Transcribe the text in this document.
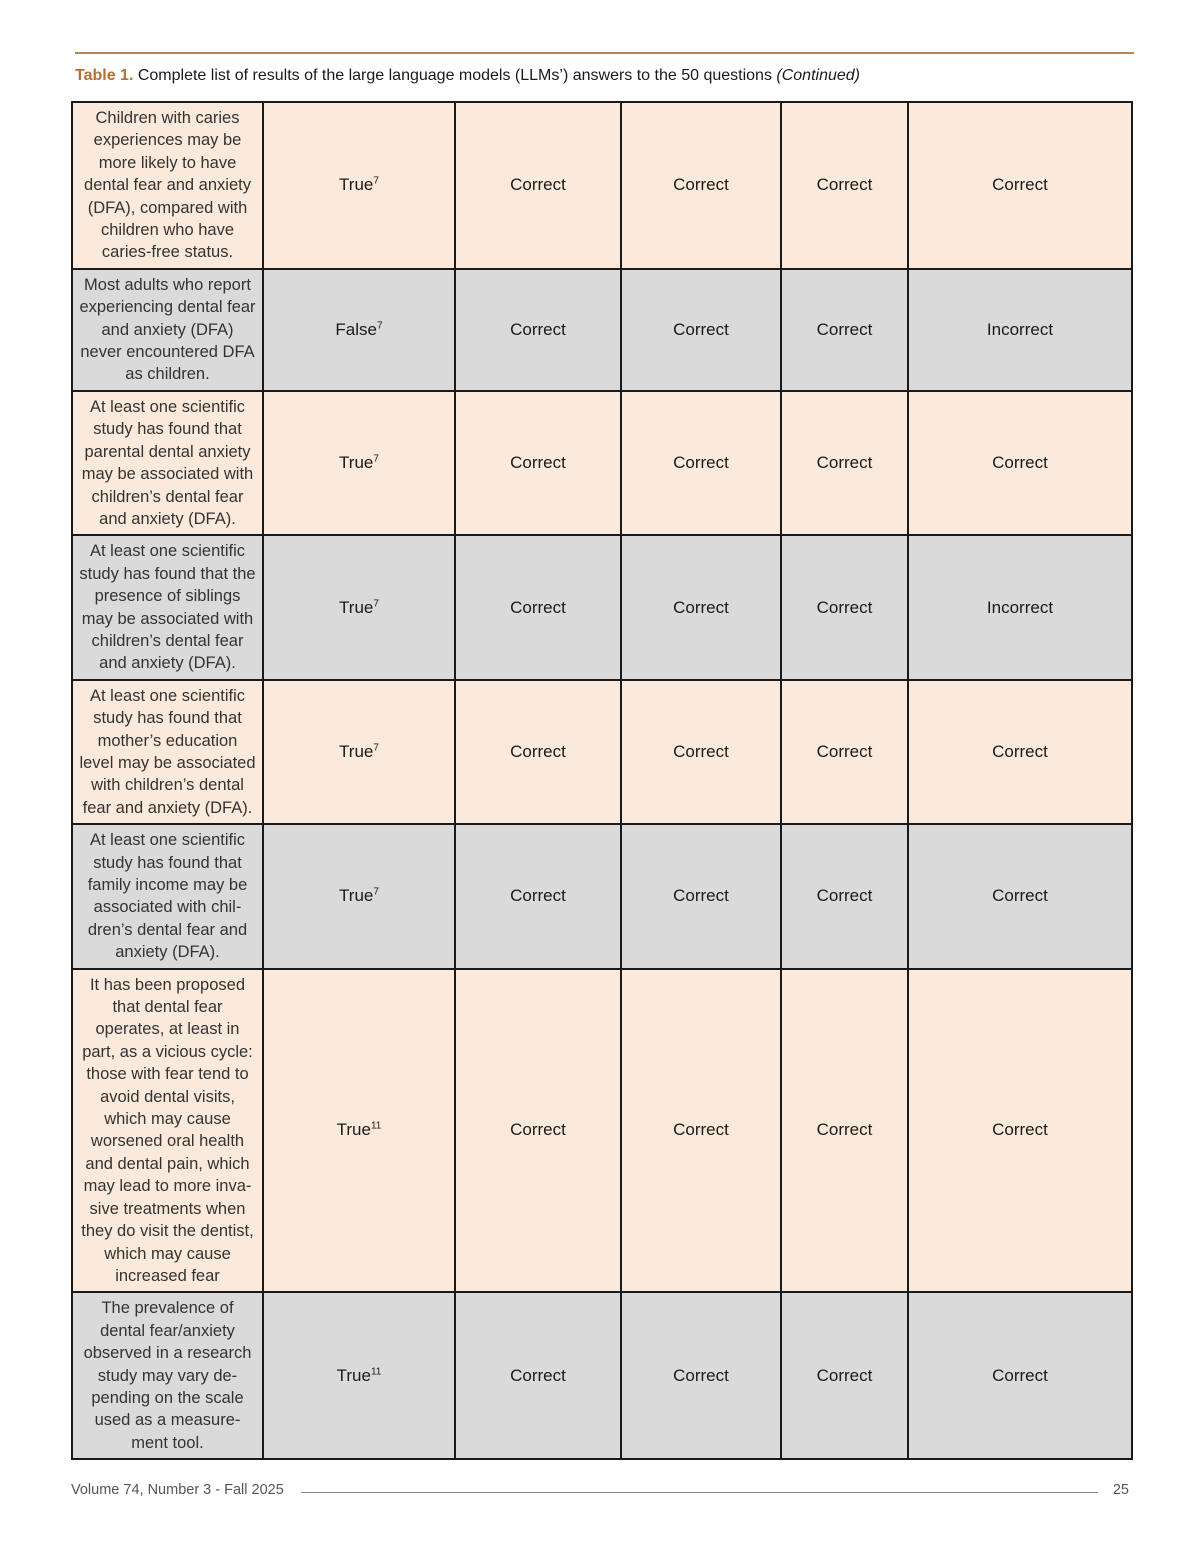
Table 1. Complete list of results of the large language models (LLMs’) answers to the 50 questions (Continued)
Children with caries experiences may be more likely to have dental fear and anxiety (DFA), compared with children who have caries-free status.	True$^7$	Correct	Correct	Correct	Correct
Most adults who report experiencing dental fear and anxiety (DFA) never encountered DFA as children.	False$^7$	Correct	Correct	Correct	Incorrect
At least one scientific study has found that parental dental anxiety may be associated with children’s dental fear and anxiety (DFA).	True$^7$	Correct	Correct	Correct	Correct
At least one scientific study has found that the presence of siblings may be associated with children’s dental fear and anxiety (DFA).	True$^7$	Correct	Correct	Correct	Incorrect
At least one scientific study has found that mother’s education level may be associated with children’s dental fear and anxiety (DFA).	True$^7$	Correct	Correct	Correct	Correct
At least one scientific study has found that family income may be associated with chil-dren’s dental fear and anxiety (DFA).	True$^7$	Correct	Correct	Correct	Correct
It has been proposed that dental fear operates, at least in part, as a vicious cycle: those with fear tend to avoid dental visits, which may cause worsened oral health and dental pain, which may lead to more inva-sive treatments when they do visit the dentist, which may cause increased fear	True$^{11}$	Correct	Correct	Correct	Correct
The prevalence of dental fear/anxiety observed in a research study may vary de-pending on the scale used as a measure-ment tool.	True$^{11}$	Correct	Correct	Correct	Correct
Volume 74, Number 3 - Fall 2025	25
